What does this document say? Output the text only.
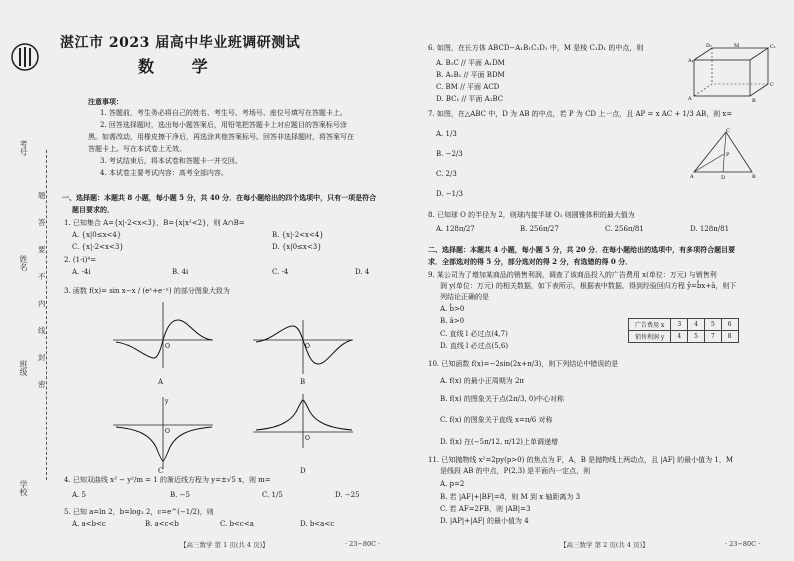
考号
姓名
班级
学校
题
答
要
不
内
线
封
密
湛江市 2023 届高中毕业班调研测试
数 学
注意事项：
1. 答题前，考生务必将自己的姓名、考生号、考场号、座位号填写在答题卡上。
2. 回答选择题时，选出每小题答案后，用铅笔把答题卡上对应题目的答案标号涂
黑。如需改动，用橡皮擦干净后，再选涂其他答案标号。回答非选择题时，将答案写在
答题卡上。写在本试卷上无效。
3. 考试结束后，将本试卷和答题卡一并交回。
4. 本试卷主要考试内容：高考全部内容。
一、选择题：本题共 8 小题，每小题 5 分，共 40 分．在每小题给出的四个选项中，只有一项是符合
题目要求的．
1. 已知集合 A={x|-2<x<3}，B={x|x²<2}，则 A∩B=
A. {x|0≤x<4}	B. {x|-2<x<4}
C. {x|-2<x<3}	D. {x|0≤x<3}
2. (1-i)⁴=
A. -4i	B. 4i	C. -4	D. 4
3. 函数 f(x)= sin x−x / (eˣ+e⁻ˣ) 的部分图象大致为
O
A
O
B
O
y
C
O
D
4. 已知双曲线 x² − y²/m = 1 的渐近线方程为 y=±√5 x，则 m=
A. 5	B. −5	C. 1/5	D. −25
5. 已知 a=ln 2，b=log₂ 2，c=e^(−1/2)，则
A. a<b<c	B. a<c<b	C. b<c<a	D. b<a<c
【高三数学 第 1 页(共 4 页)】	· 23−80C ·
6. 如图，在长方体 ABCD−A₁B₁C₁D₁ 中，M 是棱 C₁D₁ 的中点，则
A. B₁C // 平面 A₁DM
B. A₁B₁ // 平面 BDM
C. BM // 平面 ACD
D. BC₁ // 平面 A₁BC
A₁
D₁	M	C₁
A	B
C
7. 如图，在△ABC 中，D 为 AB 的中点，若 P 为 CD 上一点，且 AP = x AC + 1/3 AB，则 x=
A. 1/3
B. −2/3
C. 2/3
D. −1/3
A	B
C
D
P
8. 已知球 O 的半径为 2，则球内接半球 O₁ 则圆锥体积的最大值为
A. 128π/27	B. 256π/27	C. 256π/81	D. 128π/81
二、选择题：本题共 4 小题，每小题 5 分，共 20 分．在每小题给出的选项中，有多项符合题目要
求．全部选对的得 5 分，部分选对的得 2 分，有选错的得 0 分．
9. 某公司为了增加某商品的销售利润，调查了该商品投入的广告费用 x(单位：万元) 与销售利
润 y(单位：万元) 的相关数据，如下表所示，根据表中数据，得到经验回归方程 ŷ=b̂x+â，则下
列结论正确的是
A. b̂>0
B. â>0
C. 直线 l 必过点(4,7)
D. 直线 l 必过点(5,6)
广告费用 x	3	4	5	6
销售利润 y	4	5	7	8
10. 已知函数 f(x)=−2sin(2x+π/3)，则下列结论中错误的是
A. f(x) 的最小正周期为 2π
B. f(x) 的图象关于点(2π/3, 0)中心对称
C. f(x) 的图象关于直线 x=π/6 对称
D. f(x) 在(−5π/12, π/12)上单调递增
11. 已知抛物线 x²=2py(p>0) 的焦点为 F，A，B 是抛物线上两动点，且 |AF| 的最小值为 1，M
是线段 AB 的中点，P(2,3) 是平面内一定点，则
A. p=2
B. 若 |AF|+|BF|=8，则 M 到 x 轴距离为 3
C. 若 AF=2FB，则 |AB|=3
D. |AP|+|AF| 的最小值为 4
【高三数学 第 2 页(共 4 页)】	· 23−80C ·
